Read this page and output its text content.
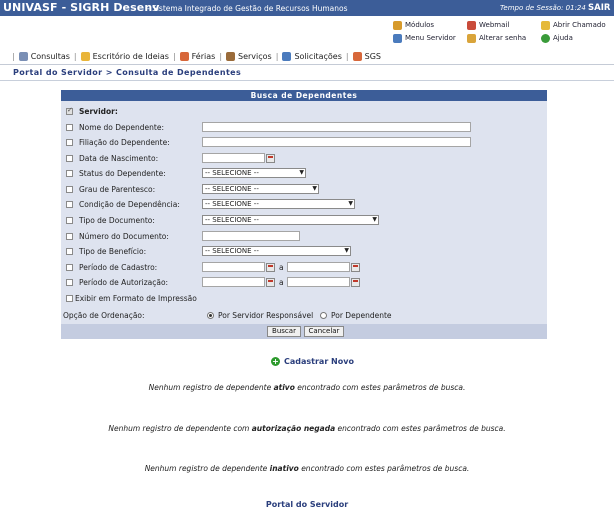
UNIVASF - SIGRH Desenv
- Sistema Integrado de Gestão de Recursos Humanos	Tempo de Sessão: 01:24 SAIR
Módulos	Webmail	Abrir Chamado
Menu Servidor	Alterar senha	Ajuda
| Consultas | Escritório de Ideias | Férias | Serviços | Solicitações | SGS
Portal do Servidor > Consulta de Dependentes
Busca de Dependentes
✓
Servidor:
Nome do Dependente:
Filiação do Dependente:
Data de Nascimento:
Status do Dependente:	-- SELECIONE -- ▼
Grau de Parentesco:	-- SELECIONE -- ▼
Condição de Dependência:	-- SELECIONE -- ▼
Tipo de Documento:	-- SELECIONE -- ▼
Número do Documento:
Tipo de Benefício:	-- SELECIONE -- ▼
Período de Cadastro:	a
Período de Autorização:	a
Exibir em Formato de Impressão
Opção de Ordenação:	Por Servidor Responsável Por Dependente
Buscar	Cancelar
+ Cadastrar Novo
Nenhum registro de dependente ativo encontrado com estes parâmetros de busca.
Nenhum registro de dependente com autorização negada encontrado com estes parâmetros de busca.
Nenhum registro de dependente inativo encontrado com estes parâmetros de busca.
Portal do Servidor
